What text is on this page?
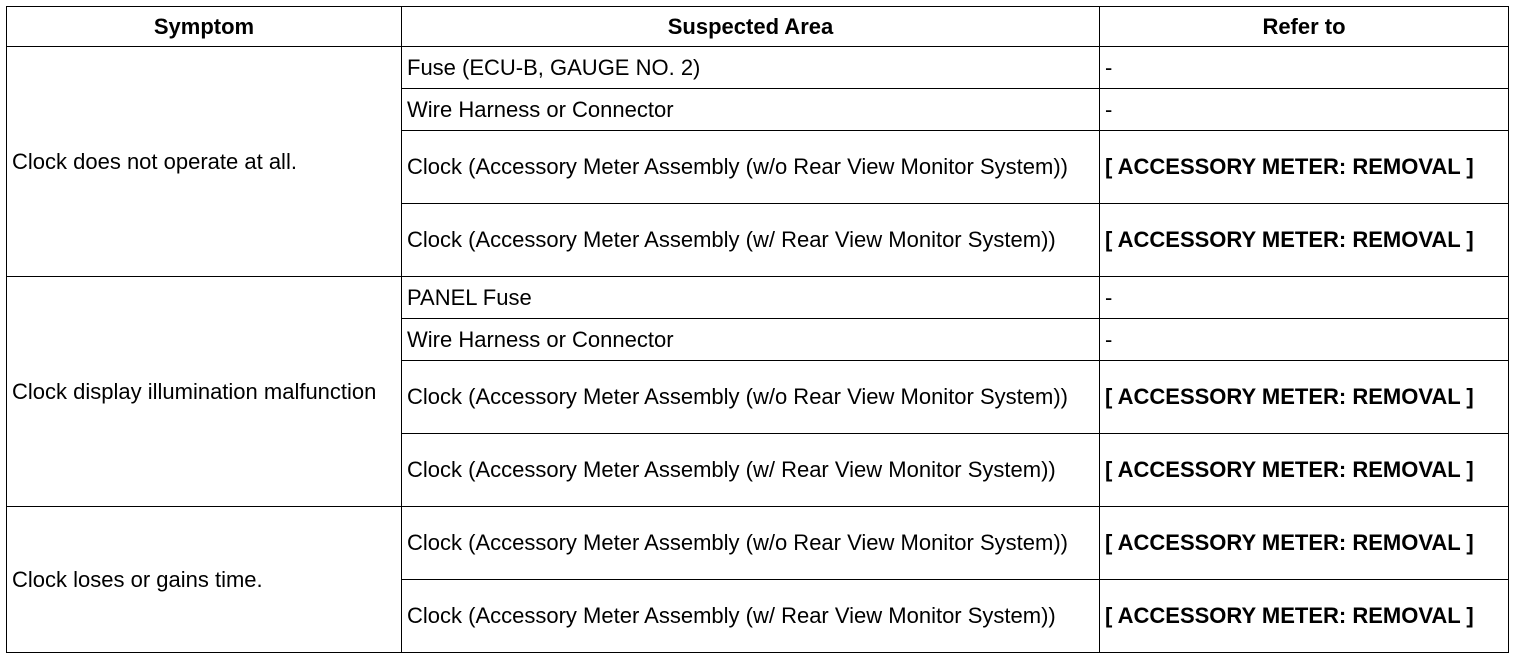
Symptom	Suspected Area	Refer to
Clock does not operate at all.	Fuse (ECU-B, GAUGE NO. 2)	-
	Wire Harness or Connector	-
	Clock (Accessory Meter Assembly (w/o Rear View Monitor System))	[ ACCESSORY METER: REMOVAL ]
	Clock (Accessory Meter Assembly (w/ Rear View Monitor System))	[ ACCESSORY METER: REMOVAL ]
Clock display illumination malfunction	PANEL Fuse	-
	Wire Harness or Connector	-
	Clock (Accessory Meter Assembly (w/o Rear View Monitor System))	[ ACCESSORY METER: REMOVAL ]
	Clock (Accessory Meter Assembly (w/ Rear View Monitor System))	[ ACCESSORY METER: REMOVAL ]
Clock loses or gains time.	Clock (Accessory Meter Assembly (w/o Rear View Monitor System))	[ ACCESSORY METER: REMOVAL ]
	Clock (Accessory Meter Assembly (w/ Rear View Monitor System))	[ ACCESSORY METER: REMOVAL ]
